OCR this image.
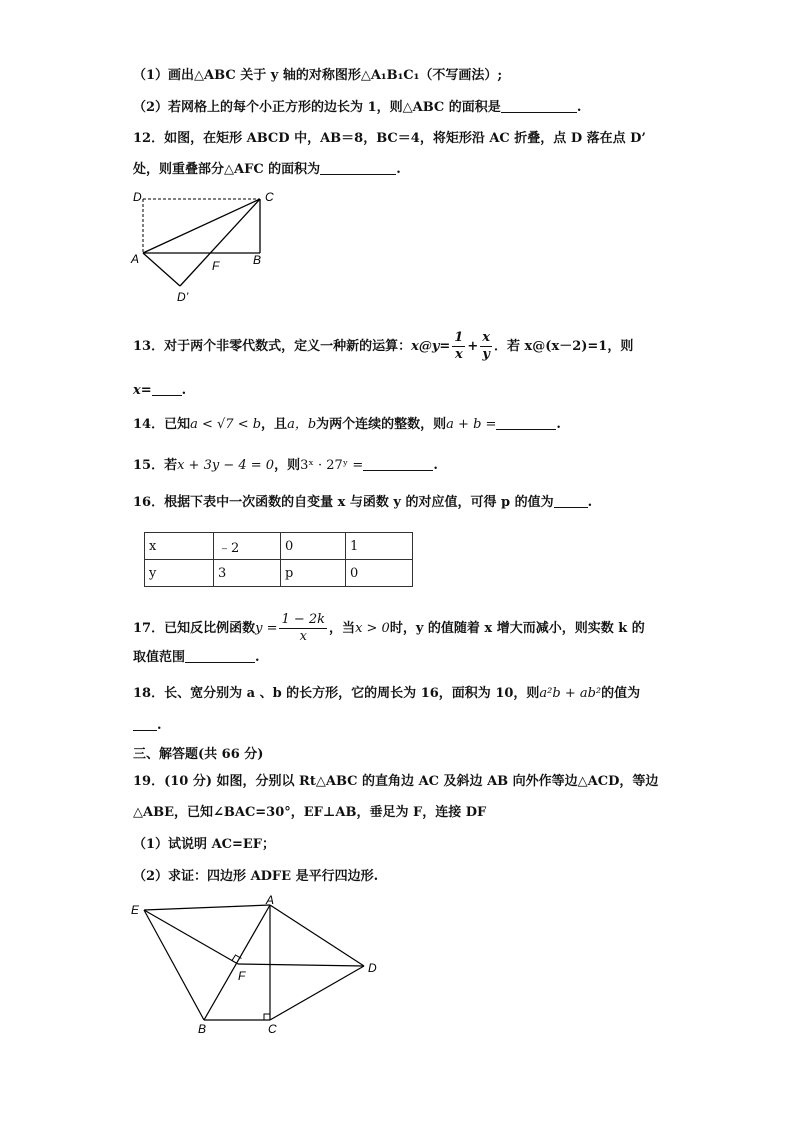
（1）画出△ABC 关于 y 轴的对称图形△A₁B₁C₁（不写画法）;
（2）若网格上的每个小正方形的边长为 1，则△ABC 的面积是	.
12．如图，在矩形 ABCD 中，AB＝8，BC＝4，将矩形沿 AC 折叠，点 D 落在点 D’
处，则重叠部分△AFC 的面积为	.
D	C
A	F	B
D’
13．对于两个非零代数式，定义一种新的运算：x@y= $\frac{1}{x} + \frac{x}{y}$ ．若 x@(x－2)=1，则
x= .
14．已知a < √7 < b，且a，b为两个连续的整数，则a + b =	.
15．若x + 3y − 4 = 0，则3ˣ · 27ʸ =	.
16．根据下表中一次函数的自变量 x 与函数 y 的对应值，可得 p 的值为	.
x	﹣2	0	1
y	3	p	0
17．已知反比例函数$y = \frac{1 - 2k}{x}$ ，当x > 0时，y 的值随着 x 增大而减小，则实数 k 的
取值范围	.
18．长、宽分别为 a 、b 的长方形，它的周长为 16，面积为 10，则a²b + ab²的值为
.
三、解答题(共 66 分)
19．(10 分) 如图，分别以 Rt△ABC 的直角边 AC 及斜边 AB 向外作等边△ACD，等边
△ABE，已知∠BAC=30°，EF⊥AB，垂足为 F，连接 DF
（1）试说明 AC=EF；
（2）求证：四边形 ADFE 是平行四边形.
E
A
F
D
B	C
